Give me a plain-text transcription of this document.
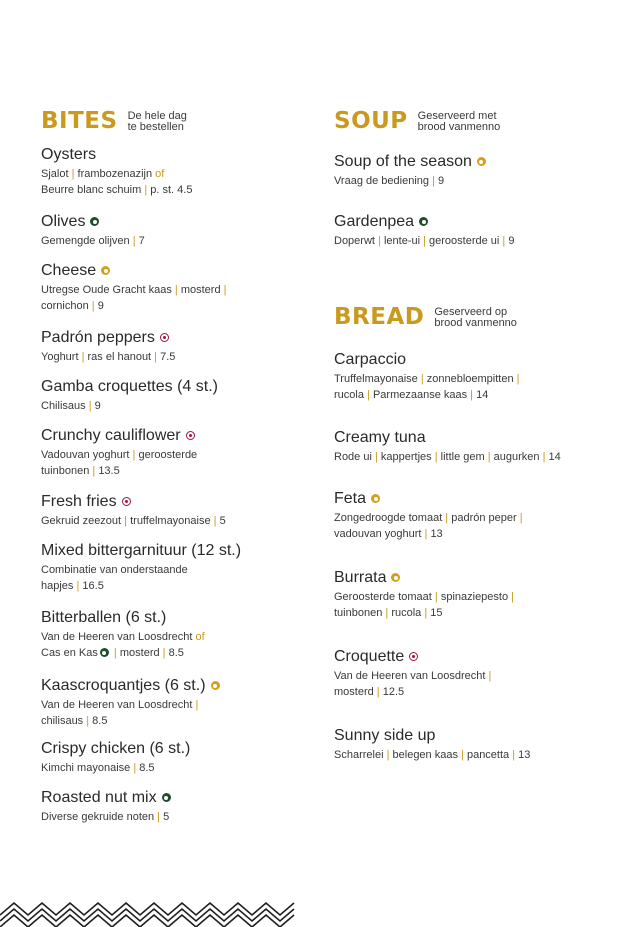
BITES De hele dag
te bestellen
Oysters
Sjalot | frambozenazijn of
Beurre blanc schuim | p. st. 4.5
Olives
Gemengde olijven | 7
Cheese
Utregse Oude Gracht kaas | mosterd |
cornichon | 9
Padrón peppers
Yoghurt | ras el hanout | 7.5
Gamba croquettes (4 st.)
Chilisaus | 9
Crunchy cauliflower
Vadouvan yoghurt | geroosterde
tuinbonen | 13.5
Fresh fries
Gekruid zeezout | truffelmayonaise | 5
Mixed bittergarnituur (12 st.)
Combinatie van onderstaande
hapjes | 16.5
Bitterballen (6 st.)
Van de Heeren van Loosdrecht of
Cas en Kas | mosterd | 8.5
Kaascroquantjes (6 st.)
Van de Heeren van Loosdrecht |
chilisaus | 8.5
Crispy chicken (6 st.)
Kimchi mayonaise | 8.5
Roasted nut mix
Diverse gekruide noten | 5
SOUP Geserveerd met
brood vanmenno
Soup of the season
Vraag de bediening | 9
Gardenpea
Doperwt | lente-ui | geroosterde ui | 9
BREAD Geserveerd op
brood vanmenno
Carpaccio
Truffelmayonaise | zonnebloempitten |
rucola | Parmezaanse kaas | 14
Creamy tuna
Rode ui | kappertjes | little gem | augurken | 14
Feta
Zongedroogde tomaat | padrón peper |
vadouvan yoghurt | 13
Burrata
Geroosterde tomaat | spinaziepesto |
tuinbonen | rucola | 15
Croquette
Van de Heeren van Loosdrecht |
mosterd | 12.5
Sunny side up
Scharrelei | belegen kaas | pancetta | 13
